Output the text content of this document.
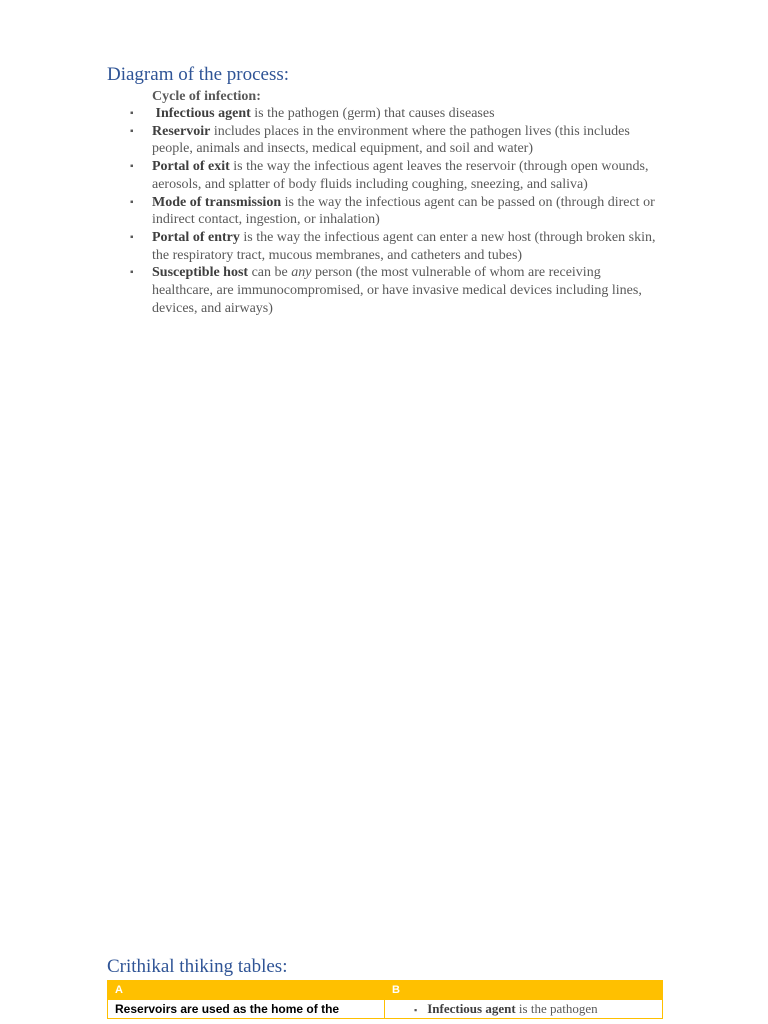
Diagram of the process:
Cycle of infection:
▪ Infectious agent is the pathogen (germ) that causes diseases
▪ Reservoir includes places in the environment where the pathogen lives (this includes people, animals and insects, medical equipment, and soil and water)
▪ Portal of exit is the way the infectious agent leaves the reservoir (through open wounds, aerosols, and splatter of body fluids including coughing, sneezing, and saliva)
▪ Mode of transmission is the way the infectious agent can be passed on (through direct or indirect contact, ingestion, or inhalation)
▪ Portal of entry is the way the infectious agent can enter a new host (through broken skin, the respiratory tract, mucous membranes, and catheters and tubes)
▪ Susceptible host can be any person (the most vulnerable of whom are receiving healthcare, are immunocompromised, or have invasive medical devices including lines, devices, and airways)
Crithikal thiking tables:
A	B
Reservoirs are used as the home of the	▪ Infectious agent is the pathogen
